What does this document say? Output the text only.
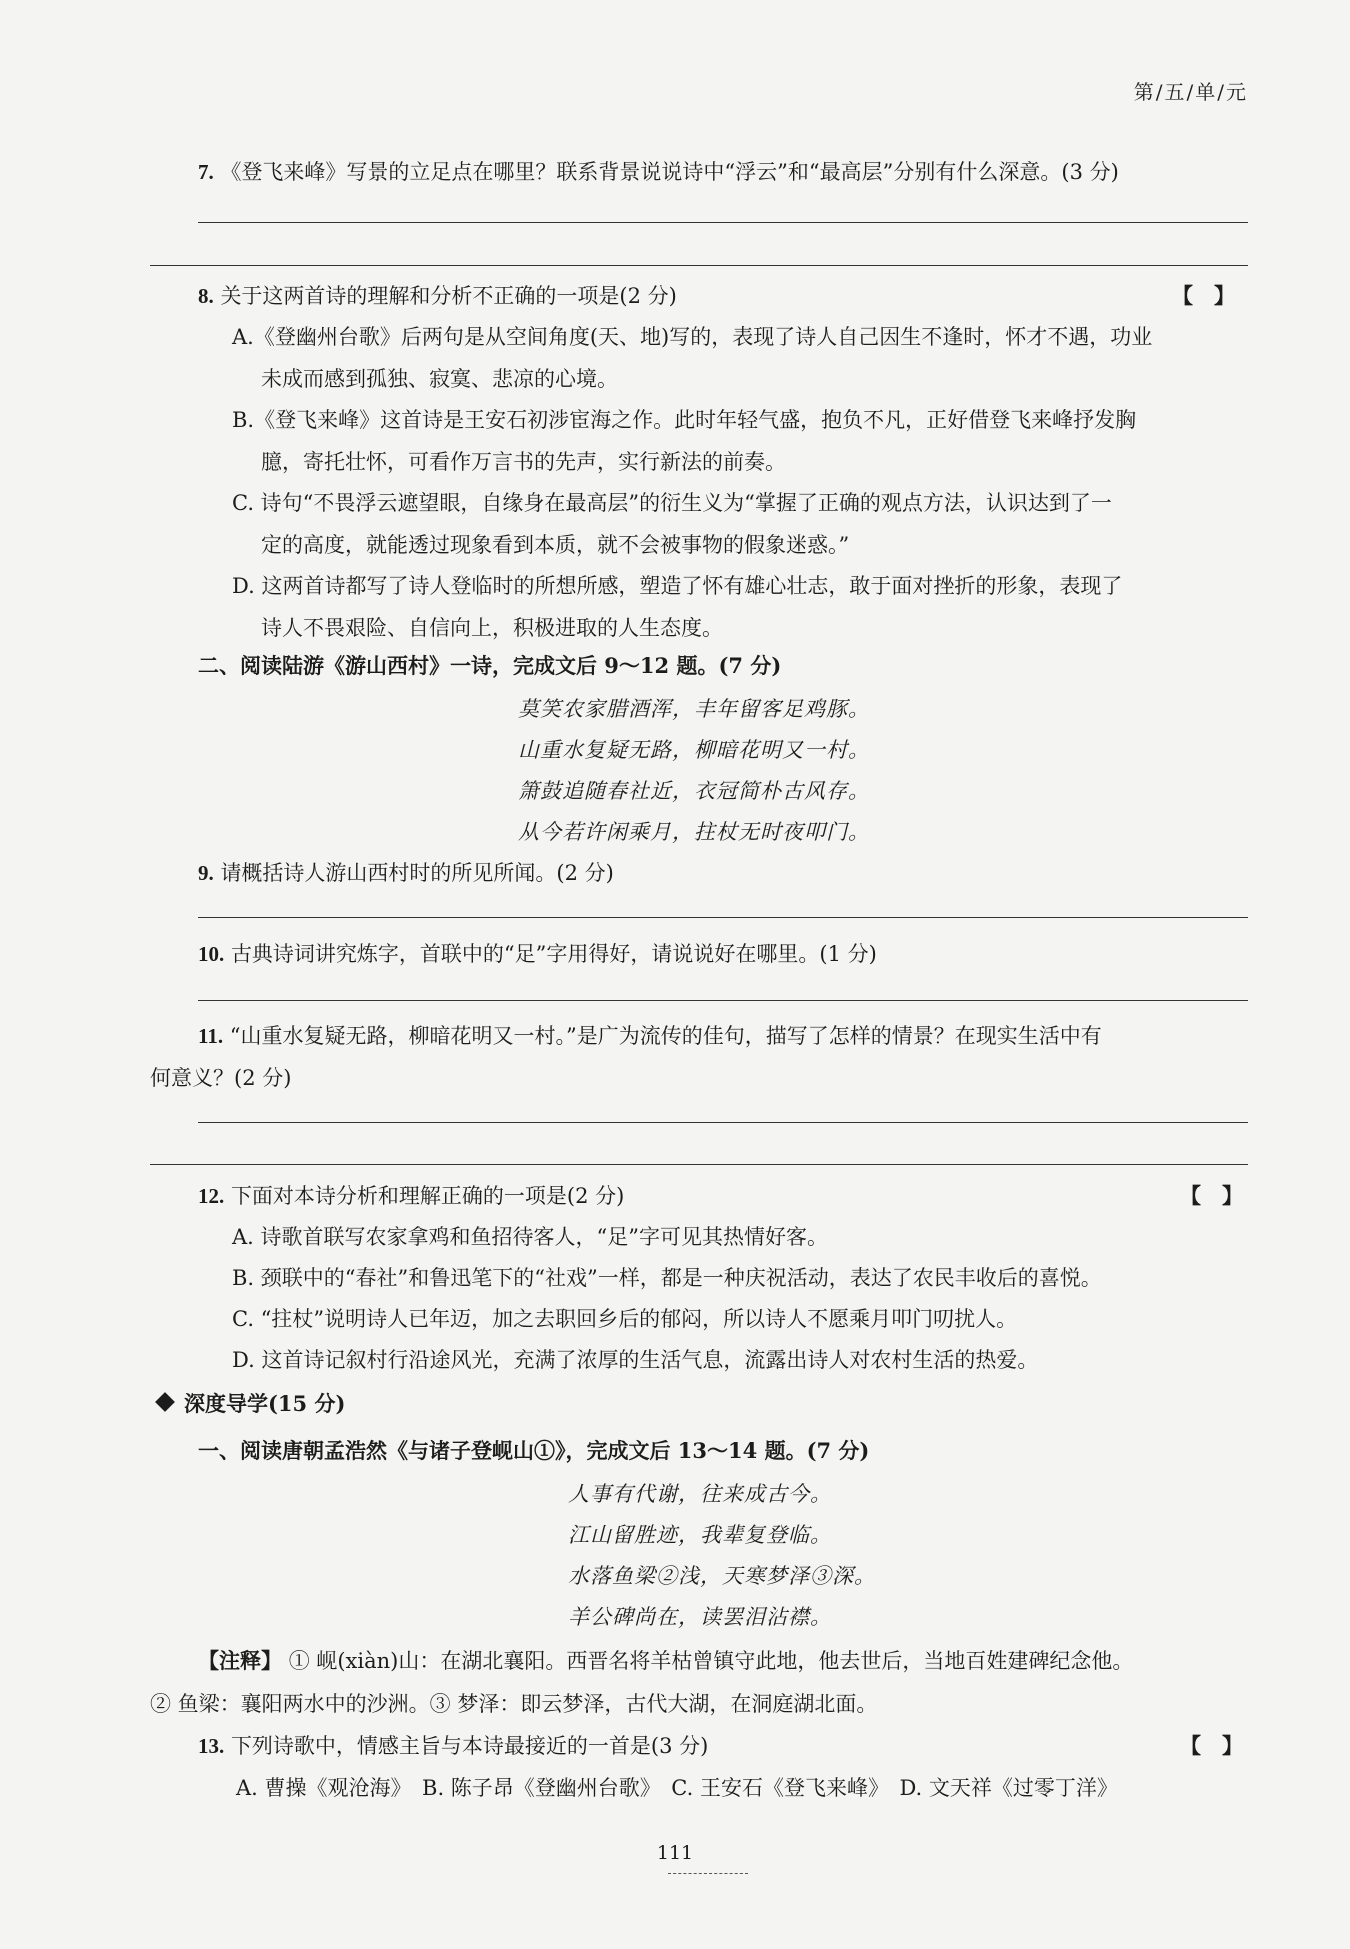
第/五/单/元
7. 《登飞来峰》写景的立足点在哪里？联系背景说说诗中“浮云”和“最高层”分别有什么深意。(3 分)
8. 关于这两首诗的理解和分析不正确的一项是(2 分)	【　】
A.《登幽州台歌》后两句是从空间角度(天、地)写的，表现了诗人自己因生不逢时，怀才不遇，功业
未成而感到孤独、寂寞、悲凉的心境。
B.《登飞来峰》这首诗是王安石初涉宦海之作。此时年轻气盛，抱负不凡，正好借登飞来峰抒发胸
臆，寄托壮怀，可看作万言书的先声，实行新法的前奏。
C. 诗句“不畏浮云遮望眼，自缘身在最高层”的衍生义为“掌握了正确的观点方法，认识达到了一
定的高度，就能透过现象看到本质，就不会被事物的假象迷惑。”
D. 这两首诗都写了诗人登临时的所想所感，塑造了怀有雄心壮志，敢于面对挫折的形象，表现了
诗人不畏艰险、自信向上，积极进取的人生态度。
二、阅读陆游《游山西村》一诗，完成文后 9～12 题。(7 分)
莫笑农家腊酒浑，丰年留客足鸡豚。
山重水复疑无路，柳暗花明又一村。
箫鼓追随春社近，衣冠简朴古风存。
从今若许闲乘月，拄杖无时夜叩门。
9. 请概括诗人游山西村时的所见所闻。(2 分)
10. 古典诗词讲究炼字，首联中的“足”字用得好，请说说好在哪里。(1 分)
11. “山重水复疑无路，柳暗花明又一村。”是广为流传的佳句，描写了怎样的情景？在现实生活中有
何意义？(2 分)
12. 下面对本诗分析和理解正确的一项是(2 分)	【　】
A. 诗歌首联写农家拿鸡和鱼招待客人，“足”字可见其热情好客。
B. 颈联中的“春社”和鲁迅笔下的“社戏”一样，都是一种庆祝活动，表达了农民丰收后的喜悦。
C. “拄杖”说明诗人已年迈，加之去职回乡后的郁闷，所以诗人不愿乘月叩门叨扰人。
D. 这首诗记叙村行沿途风光，充满了浓厚的生活气息，流露出诗人对农村生活的热爱。
深度导学(15 分)
一、阅读唐朝孟浩然《与诸子登岘山①》，完成文后 13～14 题。(7 分)
人事有代谢，往来成古今。
江山留胜迹，我辈复登临。
水落鱼梁②浅，天寒梦泽③深。
羊公碑尚在，读罢泪沾襟。
【注释】 ① 岘(xiàn)山：在湖北襄阳。西晋名将羊枯曾镇守此地，他去世后，当地百姓建碑纪念他。
② 鱼梁：襄阳两水中的沙洲。③ 梦泽：即云梦泽，古代大湖，在洞庭湖北面。
13. 下列诗歌中，情感主旨与本诗最接近的一首是(3 分)	【　】
A. 曹操《观沧海》　B. 陈子昂《登幽州台歌》　C. 王安石《登飞来峰》　D. 文天祥《过零丁洋》
111
